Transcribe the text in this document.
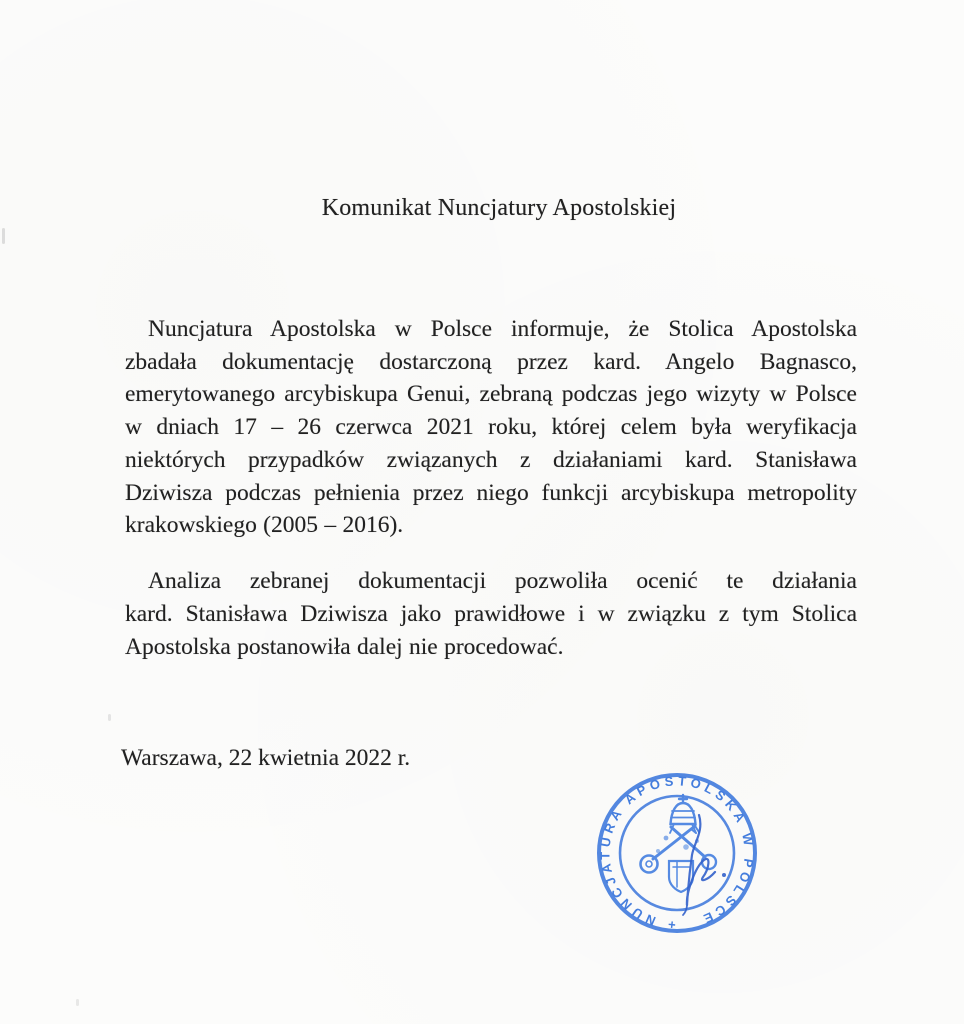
Komunikat Nuncjatury Apostolskiej

Nuncjatura Apostolska w Polsce informuje, że Stolica Apostolska
zbadała dokumentację dostarczoną przez kard. Angelo Bagnasco,
emerytowanego arcybiskupa Genui, zebraną podczas jego wizyty w Polsce
w dniach 17 – 26 czerwca 2021 roku, której celem była weryfikacja
niektórych przypadków związanych z działaniami kard. Stanisława
Dziwisza podczas pełnienia przez niego funkcji arcybiskupa metropolity
krakowskiego (2005 – 2016).

Analiza zebranej dokumentacji pozwoliła ocenić te działania
kard. Stanisława Dziwisza jako prawidłowe i w związku z tym Stolica
Apostolska postanowiła dalej nie procedować.

Warszawa, 22 kwietnia 2022 r.
+ NUNCJATURA APOSTOLSKA W POLSCE
